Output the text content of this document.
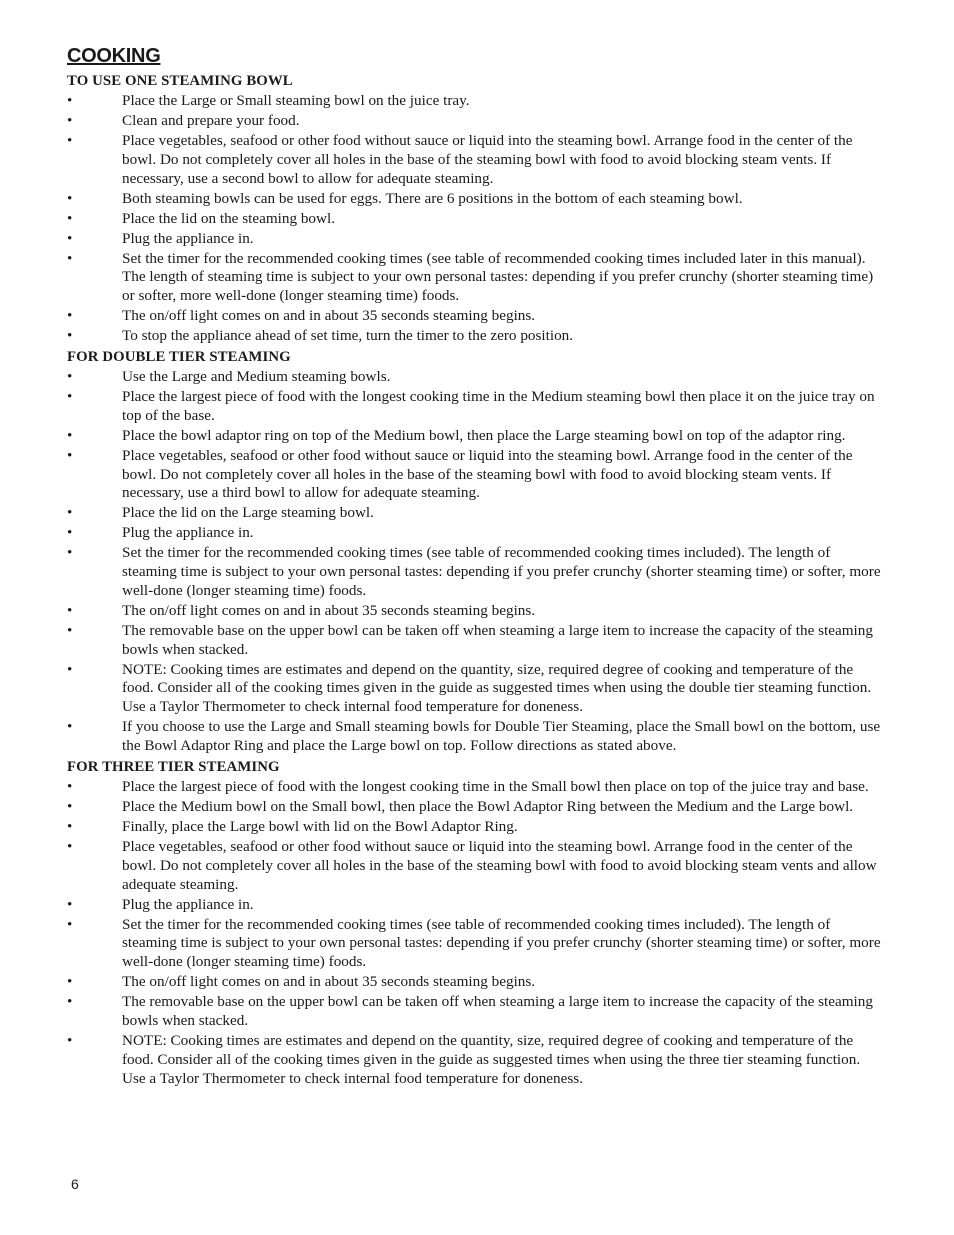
COOKING
TO USE ONE STEAMING BOWL
• Place the Large or Small steaming bowl on the juice tray.
• Clean and prepare your food.
• Place vegetables, seafood or other food without sauce or liquid into the steaming bowl. Arrange food in the center of the bowl. Do not completely cover all holes in the base of the steaming bowl with food to avoid blocking steam vents. If necessary, use a second bowl to allow for adequate steaming.
• Both steaming bowls can be used for eggs. There are 6 positions in the bottom of each steaming bowl.
• Place the lid on the steaming bowl.
• Plug the appliance in.
• Set the timer for the recommended cooking times (see table of recommended cooking times included later in this manual). The length of steaming time is subject to your own personal tastes: depending if you prefer crunchy (shorter steaming time) or softer, more well-done (longer steaming time) foods.
• The on/off light comes on and in about 35 seconds steaming begins.
• To stop the appliance ahead of set time, turn the timer to the zero position.
FOR DOUBLE TIER STEAMING
• Use the Large and Medium steaming bowls.
• Place the largest piece of food with the longest cooking time in the Medium steaming bowl then place it on the juice tray on top of the base.
• Place the bowl adaptor ring on top of the Medium bowl, then place the Large steaming bowl on top of the adaptor ring.
• Place vegetables, seafood or other food without sauce or liquid into the steaming bowl. Arrange food in the center of the bowl. Do not completely cover all holes in the base of the steaming bowl with food to avoid blocking steam vents. If necessary, use a third bowl to allow for adequate steaming.
• Place the lid on the Large steaming bowl.
• Plug the appliance in.
• Set the timer for the recommended cooking times (see table of recommended cooking times included). The length of steaming time is subject to your own personal tastes: depending if you prefer crunchy (shorter steaming time) or softer, more well-done (longer steaming time) foods.
• The on/off light comes on and in about 35 seconds steaming begins.
• The removable base on the upper bowl can be taken off when steaming a large item to increase the capacity of the steaming bowls when stacked.
• NOTE: Cooking times are estimates and depend on the quantity, size, required degree of cooking and temperature of the food. Consider all of the cooking times given in the guide as suggested times when using the double tier steaming function. Use a Taylor Thermometer to check internal food temperature for doneness.
• If you choose to use the Large and Small steaming bowls for Double Tier Steaming, place the Small bowl on the bottom, use the Bowl Adaptor Ring and place the Large bowl on top. Follow directions as stated above.
FOR THREE TIER STEAMING
• Place the largest piece of food with the longest cooking time in the Small bowl then place on top of the juice tray and base.
• Place the Medium bowl on the Small bowl, then place the Bowl Adaptor Ring between the Medium and the Large bowl.
• Finally, place the Large bowl with lid on the Bowl Adaptor Ring.
• Place vegetables, seafood or other food without sauce or liquid into the steaming bowl. Arrange food in the center of the bowl. Do not completely cover all holes in the base of the steaming bowl with food to avoid blocking steam vents and allow adequate steaming.
• Plug the appliance in.
• Set the timer for the recommended cooking times (see table of recommended cooking times included). The length of steaming time is subject to your own personal tastes: depending if you prefer crunchy (shorter steaming time) or softer, more well-done (longer steaming time) foods.
• The on/off light comes on and in about 35 seconds steaming begins.
• The removable base on the upper bowl can be taken off when steaming a large item to increase the capacity of the steaming bowls when stacked.
• NOTE: Cooking times are estimates and depend on the quantity, size, required degree of cooking and temperature of the food. Consider all of the cooking times given in the guide as suggested times when using the three tier steaming function. Use a Taylor Thermometer to check internal food temperature for doneness.
6
